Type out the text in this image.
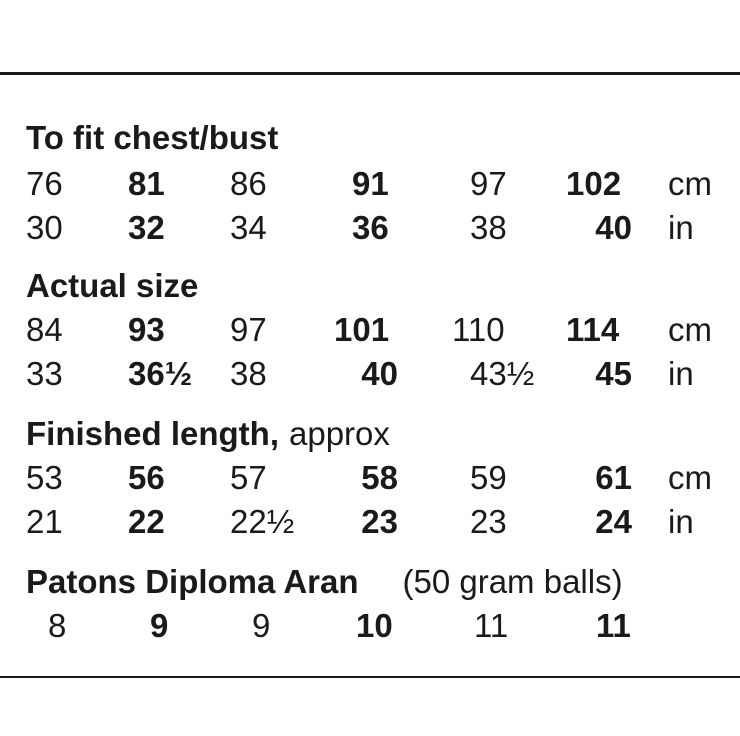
To fit chest/bust
76 81 86	91 97 102 cm
30 32 34	36 38	40 in
Actual size
84 93 97 101 110 114 cm
33 36½ 38	40 43½	45 in
Finished length, approx
53 56 57	58 59	61 cm
21 22 22½ 23 23	24 in
Patons Diploma Aran (50 gram balls)
8	9	9	10 11	11
